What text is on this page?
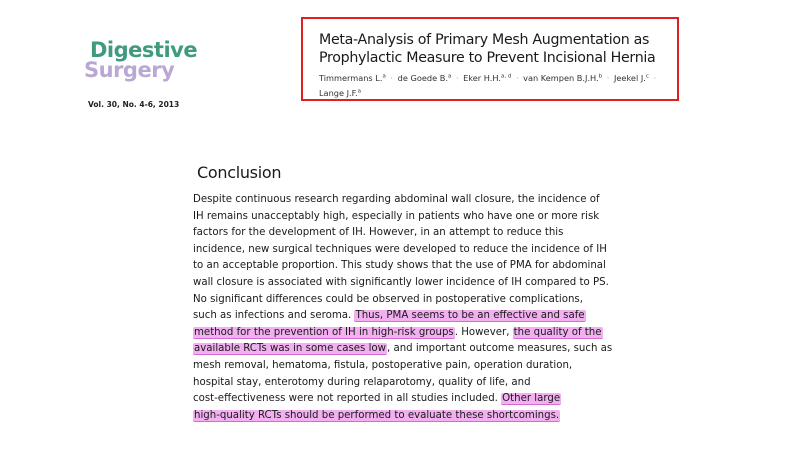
Digestive
Surgery
Vol. 30, No. 4-6, 2013
Meta-Analysis of Primary Mesh Augmentation as
Prophylactic Measure to Prevent Incisional Hernia
Timmermans L.$^a$ · de Goede B.$^a$ · Eker H.H.$^{a, d}$ · van Kempen B.J.H.$^b$ · Jeekel J.$^c$ ·
Lange J.F.$^a$
Conclusion
Despite continuous research regarding abdominal wall closure, the incidence of
IH remains unacceptably high, especially in patients who have one or more risk
factors for the development of IH. However, in an attempt to reduce this
incidence, new surgical techniques were developed to reduce the incidence of IH
to an acceptable proportion. This study shows that the use of PMA for abdominal
wall closure is associated with significantly lower incidence of IH compared to PS.
No significant differences could be observed in postoperative complications,
such as infections and seroma. Thus, PMA seems to be an effective and safe
method for the prevention of IH in high-risk groups. However, the quality of the
available RCTs was in some cases low, and important outcome measures, such as
mesh removal, hematoma, fistula, postoperative pain, operation duration,
hospital stay, enterotomy during relaparotomy, quality of life, and
cost-effectiveness were not reported in all studies included. Other large
high-quality RCTs should be performed to evaluate these shortcomings.
